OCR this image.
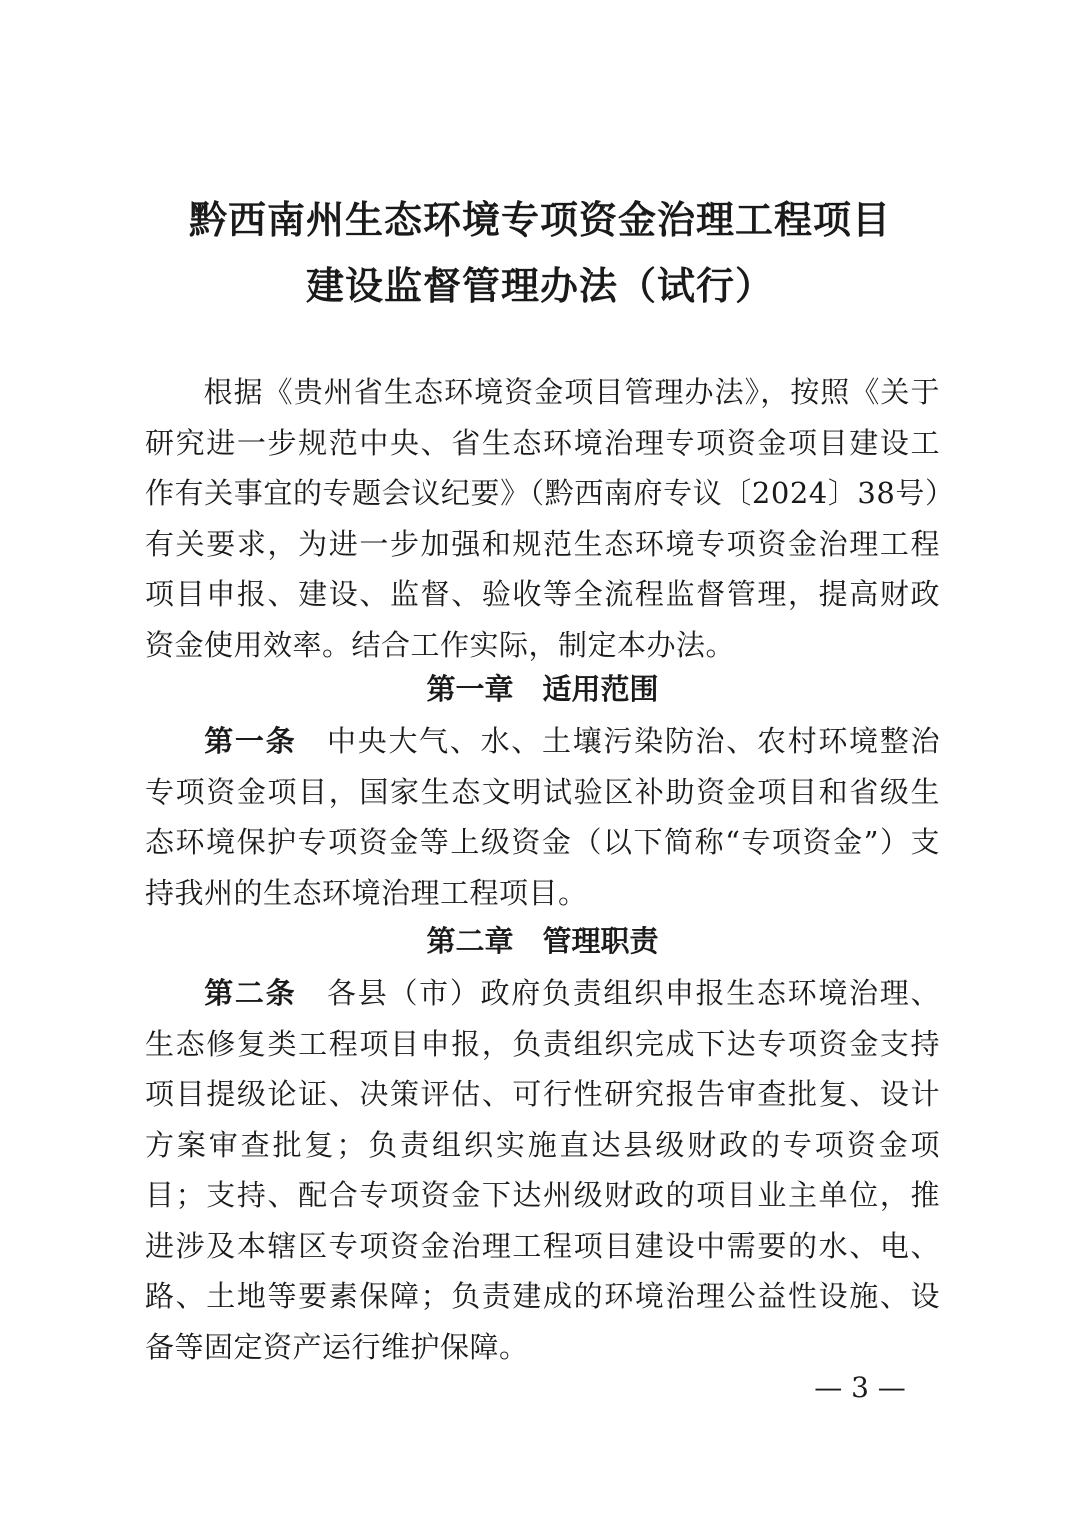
黔西南州生态环境专项资金治理工程项目
建设监督管理办法（试行）

根据《贵州省生态环境资金项目管理办法》，按照《关于研究进一步规范中央、省生态环境治理专项资金项目建设工作有关事宜的专题会议纪要》（黔西南府专议〔2024〕38号）有关要求，为进一步加强和规范生态环境专项资金治理工程项目申报、建设、监督、验收等全流程监督管理，提高财政资金使用效率。结合工作实际，制定本办法。

第一章　适用范围

第一条　 中央大气、水、土壤污染防治、农村环境整治专项资金项目，国家生态文明试验区补助资金项目和省级生态环境保护专项资金等上级资金（以下简称“专项资金”）支持我州的生态环境治理工程项目。

第二章　管理职责

第二条　 各县（市）政府负责组织申报生态环境治理、生态修复类工程项目申报，负责组织完成下达专项资金支持项目提级论证、决策评估、可行性研究报告审查批复、设计方案审查批复；负责组织实施直达县级财政的专项资金项目；支持、配合专项资金下达州级财政的项目业主单位，推进涉及本辖区专项资金治理工程项目建设中需要的水、电、路、土地等要素保障；负责建成的环境治理公益性设施、设备等固定资产运行维护保障。

— 3 —
